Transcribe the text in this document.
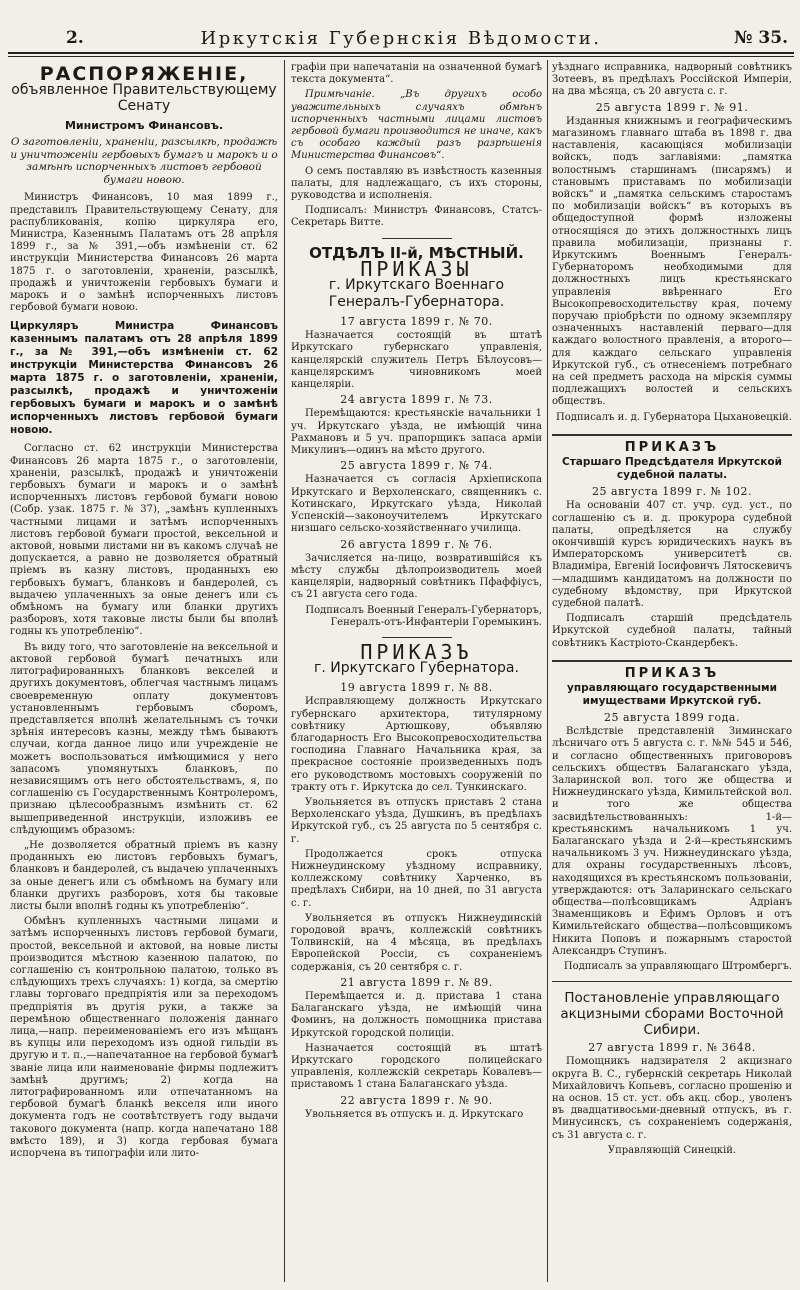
2.	Иркутскія Губернскія Вѣдомости.	№ 35.
РАСПОРЯЖЕНІЕ,
объявленное Правительствующему Сенату
Министромъ Финансовъ.
О заготовленіи, храненіи, разсылкѣ, продажѣ и уничтоженіи гербовыхъ бумагъ и марокъ и о замѣнѣ испорченныхъ листовъ гербовой бумаги новою.

Министръ Финансовъ, 10 мая 1899 г., представилъ Правительствующему Сенату, для распубликованія, копію циркуляра его, Министра, Казеннымъ Палатамъ отъ 28 апрѣля 1899 г., за № 391,—объ измѣненіи ст. 62 инструкціи Министерства Финансовъ 26 марта 1875 г. о заготовленіи, храненіи, разсылкѣ, продажѣ и уничтоженіи гербовыхъ бумаги и марокъ и о замѣнѣ испорченныхъ листовъ гербовой бумаги новою.

Циркуляръ Министра Финансовъ казеннымъ палатамъ отъ 28 апрѣля 1899 г., за № 391,—объ измѣненіи ст. 62 инструкціи Министерства Финансовъ 26 марта 1875 г. о заготовленіи, храненіи, разсылкѣ, продажѣ и уничтоженіи гербовыхъ бумаги и марокъ и о замѣнѣ испорченныхъ листовъ гербовой бумаги новою.

Согласно ст. 62 инструкціи Министерства Финансовъ 26 марта 1875 г., о заготовленіи, храненіи, разсылкѣ, продажѣ и уничтоженіи гербовыхъ бумаги и марокъ и о замѣнѣ испорченныхъ листовъ гербовой бумаги новою (Собр. узак. 1875 г. № 37), „замѣнъ купленныхъ частными лицами и затѣмъ испорченныхъ листовъ гербовой бумаги простой, вексельной и актовой, новыми листами ни въ какомъ случаѣ не допускается, а равно не дозволяется обратный пріемъ въ казну листовъ, проданныхъ ею гербовыхъ бумагъ, бланковъ и бандеролей, съ выдачею уплаченныхъ за оные денегъ или съ обмѣномъ на бумагу или бланки другихъ разборовъ, хотя таковые листы были бы вполнѣ годны къ употребленію“.

Въ виду того, что заготовленіе на вексельной и актовой гербовой бумагѣ печатныхъ или литографированныхъ бланковъ векселей и другихъ документовъ, облегчая частнымъ лицамъ своевременную оплату документовъ установленнымъ гербовымъ сборомъ, представляется вполнѣ желательнымъ съ точки зрѣнія интересовъ казны, между тѣмъ бываютъ случаи, когда данное лицо или учрежденіе не можетъ воспользоваться имѣющимися у него запасомъ упомянутыхъ бланковъ, по независящимъ отъ него обстоятельствамъ, я, по соглашенію съ Государственнымъ Контролеромъ, признаю цѣлесообразнымъ измѣнить ст. 62 вышеприведенной инструкціи, изложивъ ее слѣдующимъ образомъ:

„Не дозволяется обратный пріемъ въ казну проданныхъ ею листовъ гербовыхъ бумагъ, бланковъ и бандеролей, съ выдачею уплаченныхъ за оные денегъ или съ обмѣномъ на бумагу или бланки другихъ разборовъ, хотя бы таковые листы были вполнѣ годны къ употребленію“.

Обмѣнъ купленныхъ частными лицами и затѣмъ испорченныхъ листовъ гербовой бумаги, простой, вексельной и актовой, на новые листы производится мѣстною казенною палатою, по соглашенію съ контрольною палатою, только въ слѣдующихъ трехъ случаяхъ: 1) когда, за смертію главы торговаго предпріятія или за переходомъ предпріятія въ другія руки, а также за перемѣною общественнаго положенія даннаго лица,—напр. переименованіемъ его изъ мѣщанъ въ купцы или переходомъ изъ одной гильдіи въ другую и т. п.,—напечатанное на гербовой бумагѣ званіе лица или наименованіе фирмы подлежитъ замѣнѣ другимъ; 2) когда на литографированномъ или отпечатанномъ на гербовой бумагѣ бланкѣ векселя или иного документа годъ не соотвѣтствуетъ году выдачи такового документа (напр. когда напечатано 188 вмѣсто 189), и 3) когда гербовая бумага испорчена въ типографіи или лито-

графіи при напечатаніи на означенной бумагѣ текста документа“.

Примѣчаніе. „Въ другихъ особо уважительныхъ случаяхъ обмѣнъ испорченныхъ частными лицами листовъ гербовой бумаги производится не иначе, какъ съ особаго каждый разъ разрѣшенія Министерства Финансовъ“.

О семъ поставляю въ извѣстность казенныя палаты, для надлежащаго, съ ихъ стороны, руководства и исполненія.

Подписалъ: Министръ Финансовъ, Статсъ-Секретарь Витте.

ОТДѢЛЪ II-й, МѢСТНЫЙ.
ПРИКАЗЫ
г. Иркутскаго Военнаго Генералъ-Губернатора.
17 августа 1899 г. № 70.

Назначается состоящій въ штатѣ Иркутскаго губернскаго управленія, канцелярскій служитель Петръ Бѣлоусовъ—канцелярскимъ чиновникомъ моей канцеляріи.

24 августа 1899 г. № 73.

Перемѣщаются: крестьянскіе начальники 1 уч. Иркутскаго уѣзда, не имѣющій чина Рахмановъ и 5 уч. прапорщикъ запаса арміи Микулинъ—одинъ на мѣсто другого.

25 августа 1899 г. № 74.

Назначается съ согласія Архіепископа Иркутскаго и Верхоленскаго, священникъ с. Котинскаго, Иркутскаго уѣзда, Николай Успенскій—законоучителемъ Иркутскаго низшаго сельско-хозяйственнаго училища.

26 августа 1899 г. № 76.

Зачисляется на-лицо, возвратившійся къ мѣсту службы дѣлопроизводитель моей канцеляріи, надворный совѣтникъ Пфаффіусъ, съ 21 августа сего года.

Подписалъ Военный Генералъ-Губернаторъ, Генералъ-отъ-Инфантеріи Горемыкинъ.

ПРИКАЗЪ
г. Иркутскаго Губернатора.
19 августа 1899 г. № 88.

Исправляющему должность Иркутскаго губернскаго архитектора, титулярному совѣтнику Артюшкову, объявляю благодарность Его Высокопревосходительства господина Главнаго Начальника края, за прекрасное состояніе произведенныхъ подъ его руководствомъ мостовыхъ сооруженій по тракту отъ г. Иркутска до сел. Тункинскаго.

Увольняется въ отпускъ приставъ 2 стана Верхоленскаго уѣзда, Душкинъ, въ предѣлахъ Иркутской губ., съ 25 августа по 5 сентября с. г.

Продолжается срокъ отпуска Нижнеудинскому уѣздному исправнику, коллежскому совѣтнику Харченко, въ предѣлахъ Сибири, на 10 дней, по 31 августа с. г.

Увольняется въ отпускъ Нижнеудинскій городовой врачъ, коллежскій совѣтникъ Толвинскій, на 4 мѣсяца, въ предѣлахъ Европейской Россіи, съ сохраненіемъ содержанія, съ 20 сентября с. г.

21 августа 1899 г. № 89.

Перемѣщается и. д. пристава 1 стана Балаганскаго уѣзда, не имѣющій чина Фоминъ, на должность помощника пристава Иркутской городской полиціи.

Назначается состоящій въ штатѣ Иркутскаго городского полицейскаго управленія, коллежскій секретарь Ковалевъ—приставомъ 1 стана Балаганскаго уѣзда.

22 августа 1899 г. № 90.

Увольняется въ отпускъ и. д. Иркутскаго

уѣзднаго исправника, надворный совѣтникъ Зотеевъ, въ предѣлахъ Россійской Имперіи, на два мѣсяца, съ 20 августа с. г.

25 августа 1899 г. № 91.

Изданныя книжнымъ и географическимъ магазиномъ главнаго штаба въ 1898 г. два наставленія, касающіяся мобилизаціи войскъ, подъ заглавіями: „памятка волостнымъ старшинамъ (писарямъ) и становымъ приставамъ по мобилизаціи войскъ“ и „памятка сельскимъ старостамъ по мобилизаціи войскъ“ въ которыхъ въ общедоступной формѣ изложены относящіяся до этихъ должностныхъ лицъ правила мобилизаціи, признаны г. Иркутскимъ Военнымъ Генералъ-Губернаторомъ необходимыми для должностныхъ лицъ крестьянскаго управленія ввѣреннаго Его Высокопревосходительству края, почему поручаю пріобрѣсти по одному экземпляру означенныхъ наставленій перваго—для каждаго волостного правленія, а второго—для каждаго сельскаго управленія Иркутской губ., съ отнесеніемъ потребнаго на сей предметъ расхода на мірскія суммы подлежащихъ волостей и сельскихъ обществъ.

Подписалъ и. д. Губернатора Цыхановецкій.

ПРИКАЗЪ
Старшаго Предсѣдателя Иркутской судебной палаты.
25 августа 1899 г. № 102.

На основаніи 407 ст. учр. суд. уст., по соглашенію съ и. д. прокурора судебной палаты, опредѣляется на службу окончившій курсъ юридическихъ наукъ въ Императорскомъ университетѣ св. Владиміра, Евгеній Іосифовичъ Лятоскевичъ—младшимъ кандидатомъ на должности по судебному вѣдомству, при Иркутской судебной палатѣ.

Подписалъ старшій предсѣдатель Иркутской судебной палаты, тайный совѣтникъ Кастріото-Скандербекъ.

ПРИКАЗЪ
управляющаго государственными имуществами Иркутской губ.
25 августа 1899 года.

Вслѣдствіе представленій Зиминскаго лѣсничаго отъ 5 августа с. г. №№ 545 и 546, и согласно общественныхъ приговоровъ сельскихъ обществъ Балаганскаго уѣзда, Заларинской вол. того же общества и Нижнеудинскаго уѣзда, Кимильтейской вол. и того же общества засвидѣтельствованныхъ: 1-й—крестьянскимъ начальникомъ 1 уч. Балаганскаго уѣзда и 2-й—крестьянскимъ начальникомъ 3 уч. Нижнеудинскаго уѣзда, для охраны государственныхъ лѣсовъ, находящихся въ крестьянскомъ пользованіи, утверждаются: отъ Заларинскаго сельскаго общества—полѣсовщикамъ Адріанъ Знаменщиковъ и Ефимъ Орловъ и отъ Кимильтейскаго общества—полѣсовщикомъ Никита Поповъ и пожарнымъ старостой Александръ Ступинъ.

Подписалъ за управляющаго Штромбергъ.

Постановленіе управляющаго акцизными сборами Восточной Сибири.
27 августа 1899 г. № 3648.

Помощникъ надзирателя 2 акцизнаго округа В. С., губернскій секретарь Николай Михайловичъ Копьевъ, согласно прошенію и на основ. 15 ст. уст. объ акц. сбор., уволенъ въ двадцативосьми-дневный отпускъ, въ г. Минусинскъ, съ сохраненіемъ содержанія, съ 31 августа с. г.

Управляющій Синецкій.
